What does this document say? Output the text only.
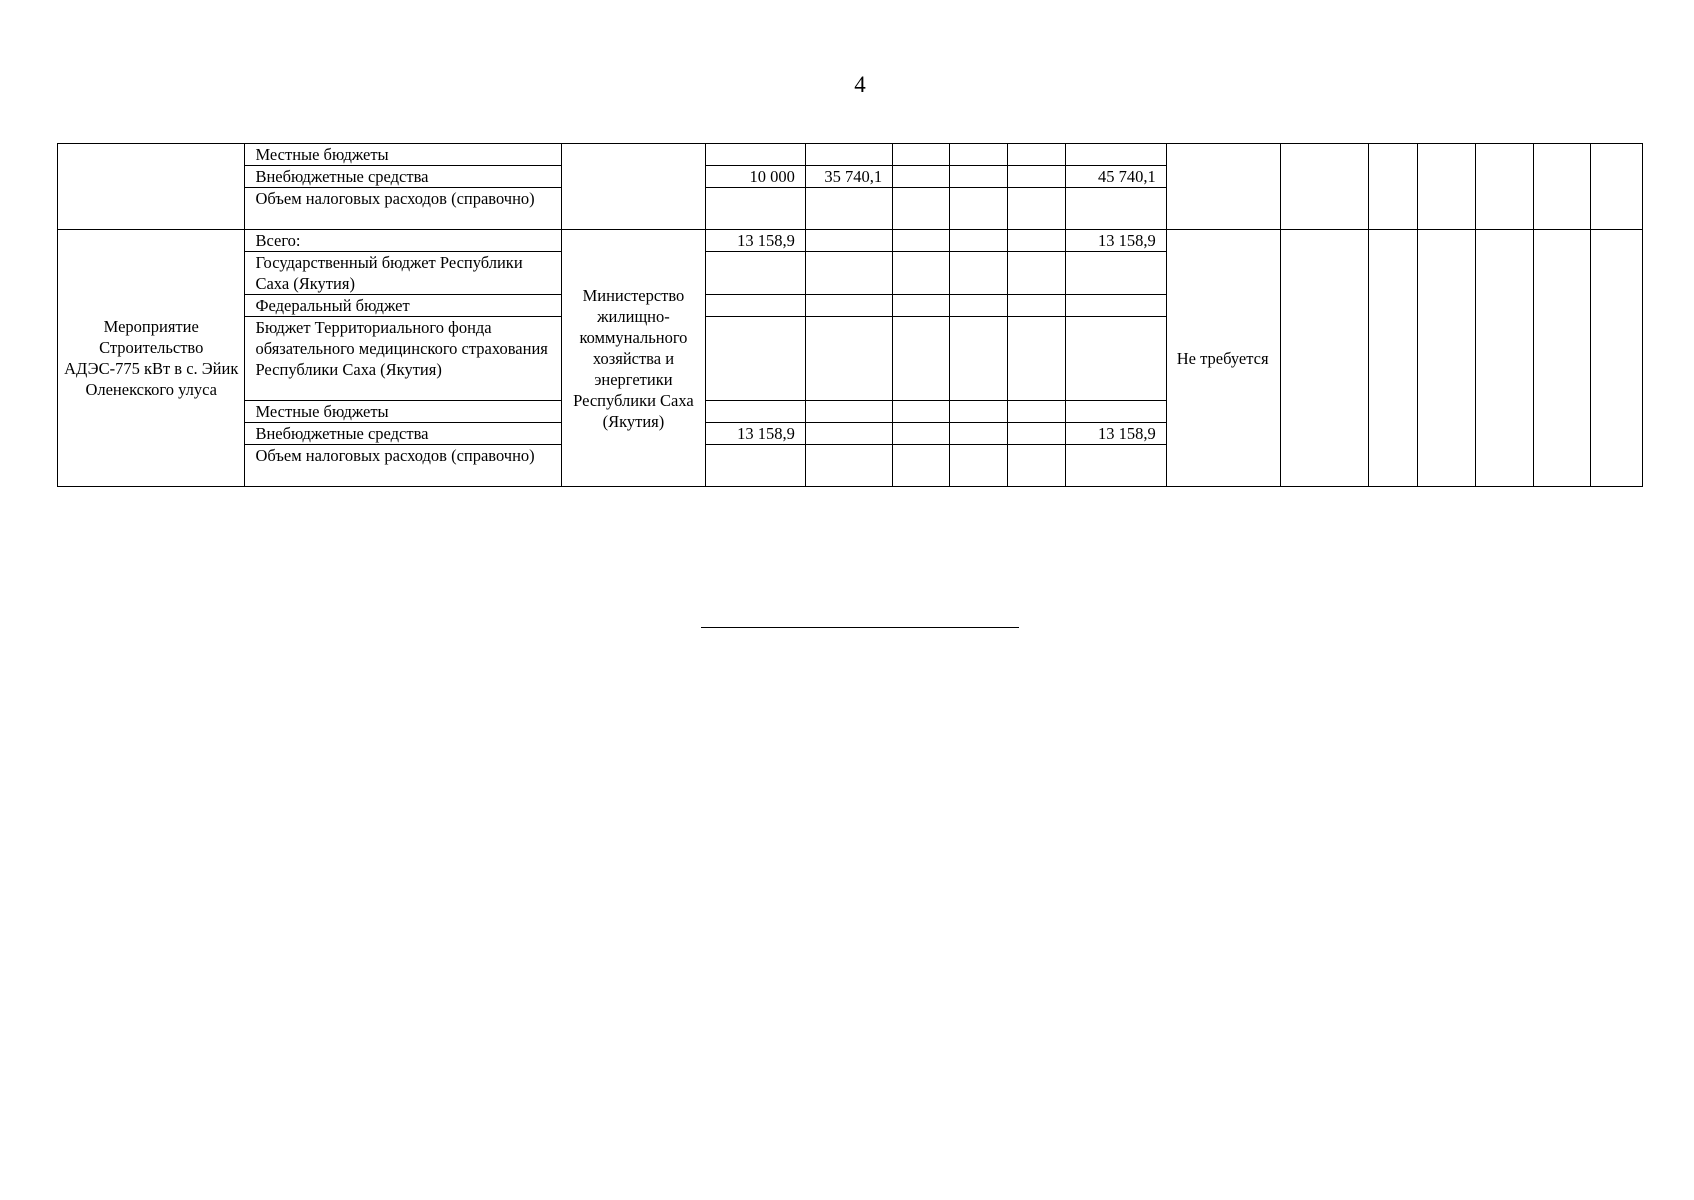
4
	Местные бюджеты														
	Внебюджетные средства		10 000	35 740,1				45 740,1							
	Объем налоговых расходов (справочно)														
Мероприятие Строительство АДЭС-775 кВт в с. Эйик Оленекского улуса	Всего:	Министерство жилищно-коммунального хозяйства и энергетики Республики Саха (Якутия)	13 158,9					13 158,9	Не требуется						
	Государственный бюджет Республики Саха (Якутия)														
	Федеральный бюджет														
	Бюджет Территориального фонда обязательного медицинского страхования Республики Саха (Якутия)														
	Местные бюджеты														
	Внебюджетные средства		13 158,9					13 158,9							
	Объем налоговых расходов (справочно)														
